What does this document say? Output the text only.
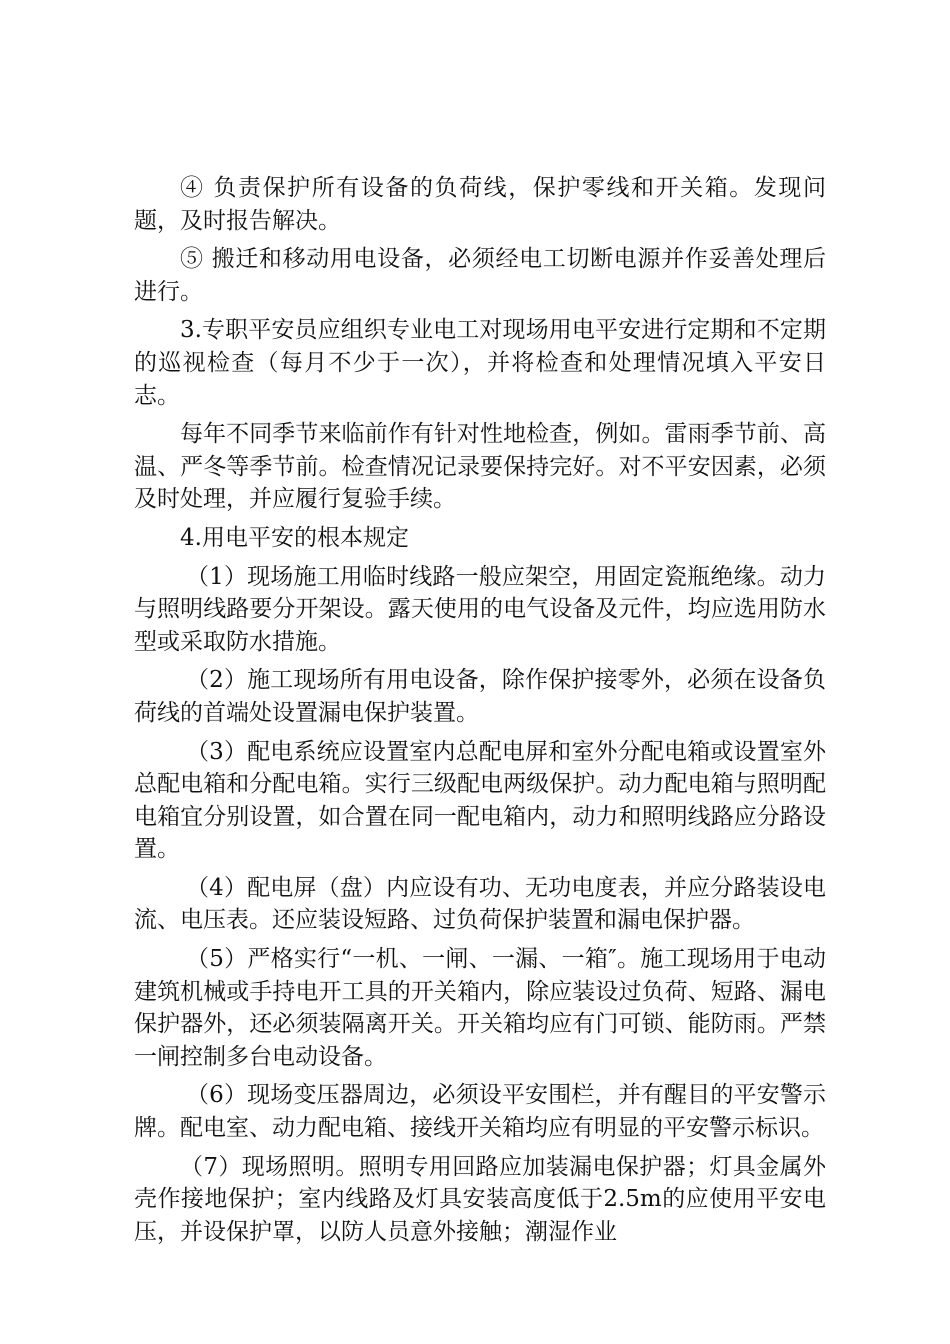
④ 负责保护所有设备的负荷线，保护零线和开关箱。发现问题，及时报告解决。

⑤ 搬迁和移动用电设备，必须经电工切断电源并作妥善处理后进行。

3.专职平安员应组织专业电工对现场用电平安进行定期和不定期的巡视检查（每月不少于一次），并将检查和处理情况填入平安日志。

每年不同季节来临前作有针对性地检查，例如。雷雨季节前、高温、严冬等季节前。检查情况记录要保持完好。对不平安因素，必须及时处理，并应履行复验手续。

4.用电平安的根本规定

（1）现场施工用临时线路一般应架空，用固定瓷瓶绝缘。动力与照明线路要分开架设。露天使用的电气设备及元件，均应选用防水型或采取防水措施。

（2）施工现场所有用电设备，除作保护接零外，必须在设备负荷线的首端处设置漏电保护装置。

（3）配电系统应设置室内总配电屏和室外分配电箱或设置室外总配电箱和分配电箱。实行三级配电两级保护。动力配电箱与照明配电箱宜分别设置，如合置在同一配电箱内，动力和照明线路应分路设置。

（4）配电屏（盘）内应设有功、无功电度表，并应分路装设电流、电压表。还应装设短路、过负荷保护装置和漏电保护器。

（5）严格实行“一机、一闸、一漏、一箱″。施工现场用于电动建筑机械或手持电开工具的开关箱内，除应装设过负荷、短路、漏电保护器外，还必须装隔离开关。开关箱均应有门可锁、能防雨。严禁一闸控制多台电动设备。

（6）现场变压器周边，必须设平安围栏，并有醒目的平安警示牌。配电室、动力配电箱、接线开关箱均应有明显的平安警示标识。

（7）现场照明。照明专用回路应加装漏电保护器；灯具金属外壳作接地保护；室内线路及灯具安装高度低于2.5m的应使用平安电压，并设保护罩，以防人员意外接触；潮湿作业
